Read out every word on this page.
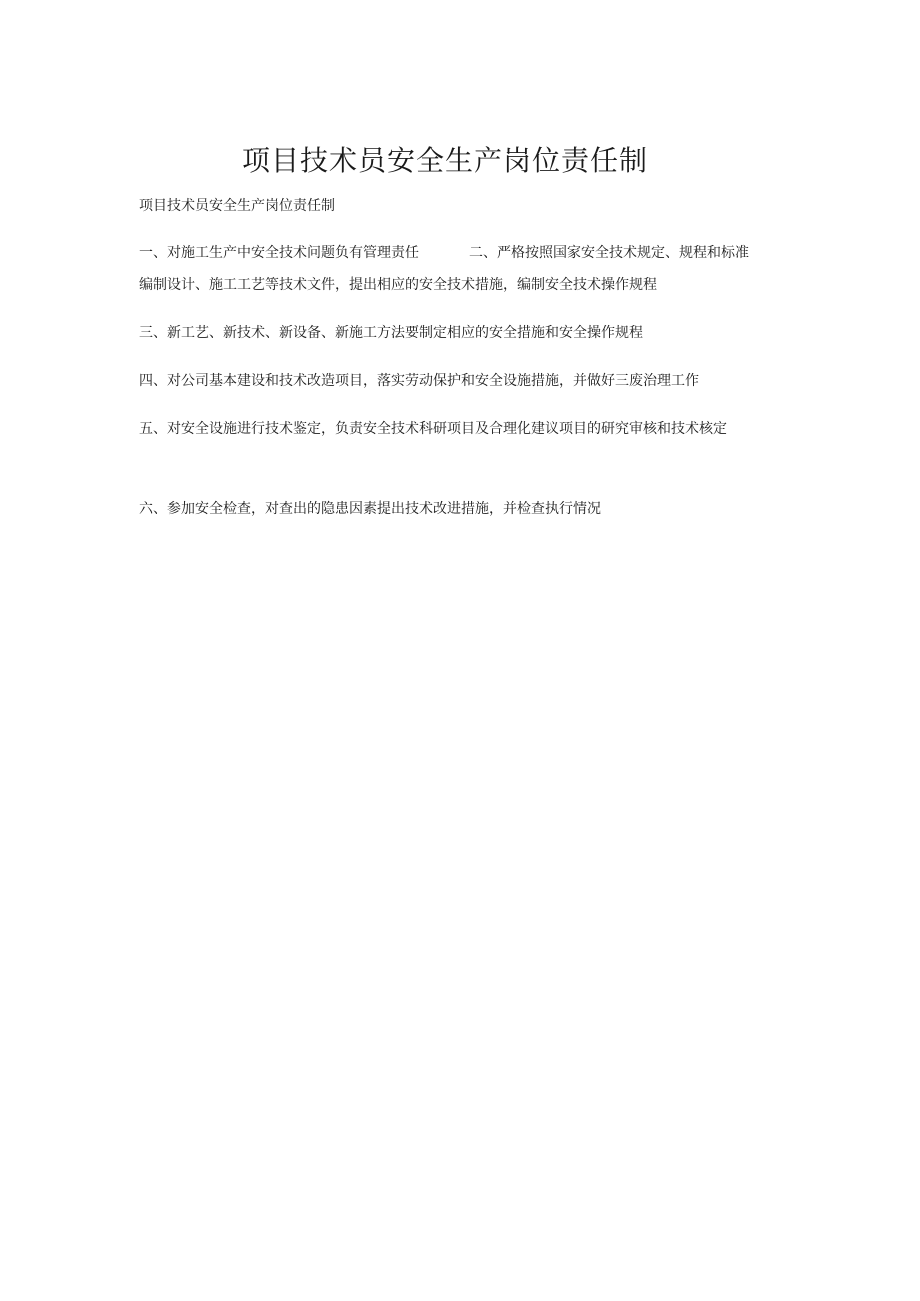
项目技术员安全生产岗位责任制
项目技术员安全生产岗位责任制

一、对施工生产中安全技术问题负有管理责任	二、严格按照国家安全技术规定、规程和标准编制设计、施工工艺等技术文件，提出相应的安全技术措施，编制安全技术操作规程

三、新工艺、新技术、新设备、新施工方法要制定相应的安全措施和安全操作规程

四、对公司基本建设和技术改造项目，落实劳动保护和安全设施措施，并做好三废治理工作

五、对安全设施进行技术鉴定，负责安全技术科研项目及合理化建议项目的研究审核和技术核定

六、参加安全检查，对查出的隐患因素提出技术改进措施，并检查执行情况
